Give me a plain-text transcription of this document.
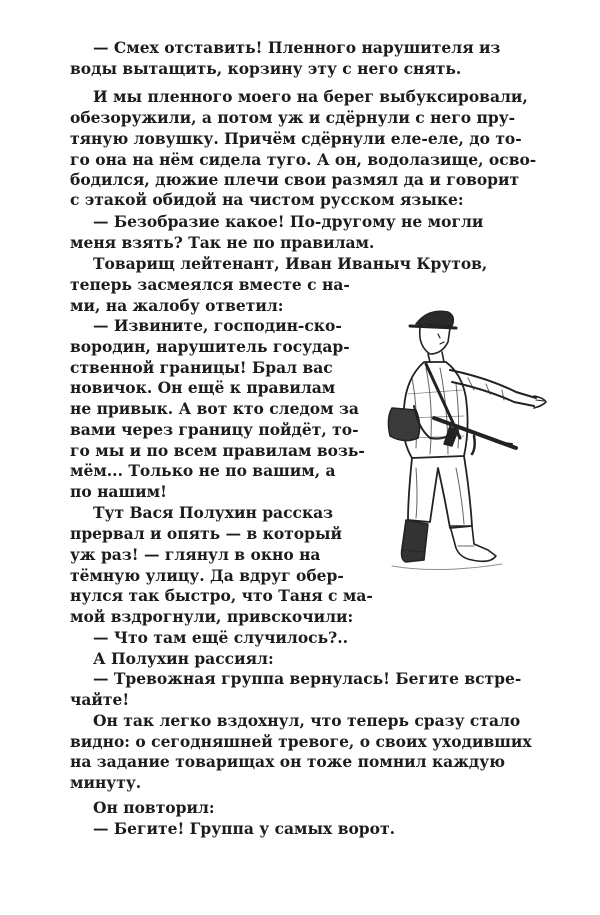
— Смех отставить! Пленного нарушителя из
воды вытащить, корзину эту с него снять.
И мы пленного моего на берег выбуксировали,
обезоружили, а потом уж и сдёрнули с него пру-
тяную ловушку. Причём сдёрнули еле-еле, до то-
го она на нём сидела туго. А он, водолазище, осво-
бодился, дюжие плечи свои размял да и говорит
с этакой обидой на чистом русском языке:
— Безобразие какое! По-другому не могли
меня взять? Так не по правилам.
Товарищ лейтенант, Иван Иваныч Крутов,
теперь засмеялся вместе с на-
ми, на жалобу ответил:
— Извините, господин-ско-
вородин, нарушитель государ-
ственной границы! Брал вас
новичок. Он ещё к правилам
не привык. А вот кто следом за
вами через границу пойдёт, то-
го мы и по всем правилам возь-
мём... Только не по вашим, а
по нашим!
Тут Вася Полухин рассказ
прервал и опять — в который
уж раз! — глянул в окно на
тёмную улицу. Да вдруг обер-
нулся так быстро, что Таня с ма-
мой вздрогнули, привскочили:
— Что там ещё случилось?..
А Полухин рассиял:
— Тревожная группа вернулась! Бегите встре-
чайте!
Он так легко вздохнул, что теперь сразу стало
видно: о сегодняшней тревоге, о своих уходивших
на задание товарищах он тоже помнил каждую
минуту.
Он повторил:
— Бегите! Группа у самых ворот.
